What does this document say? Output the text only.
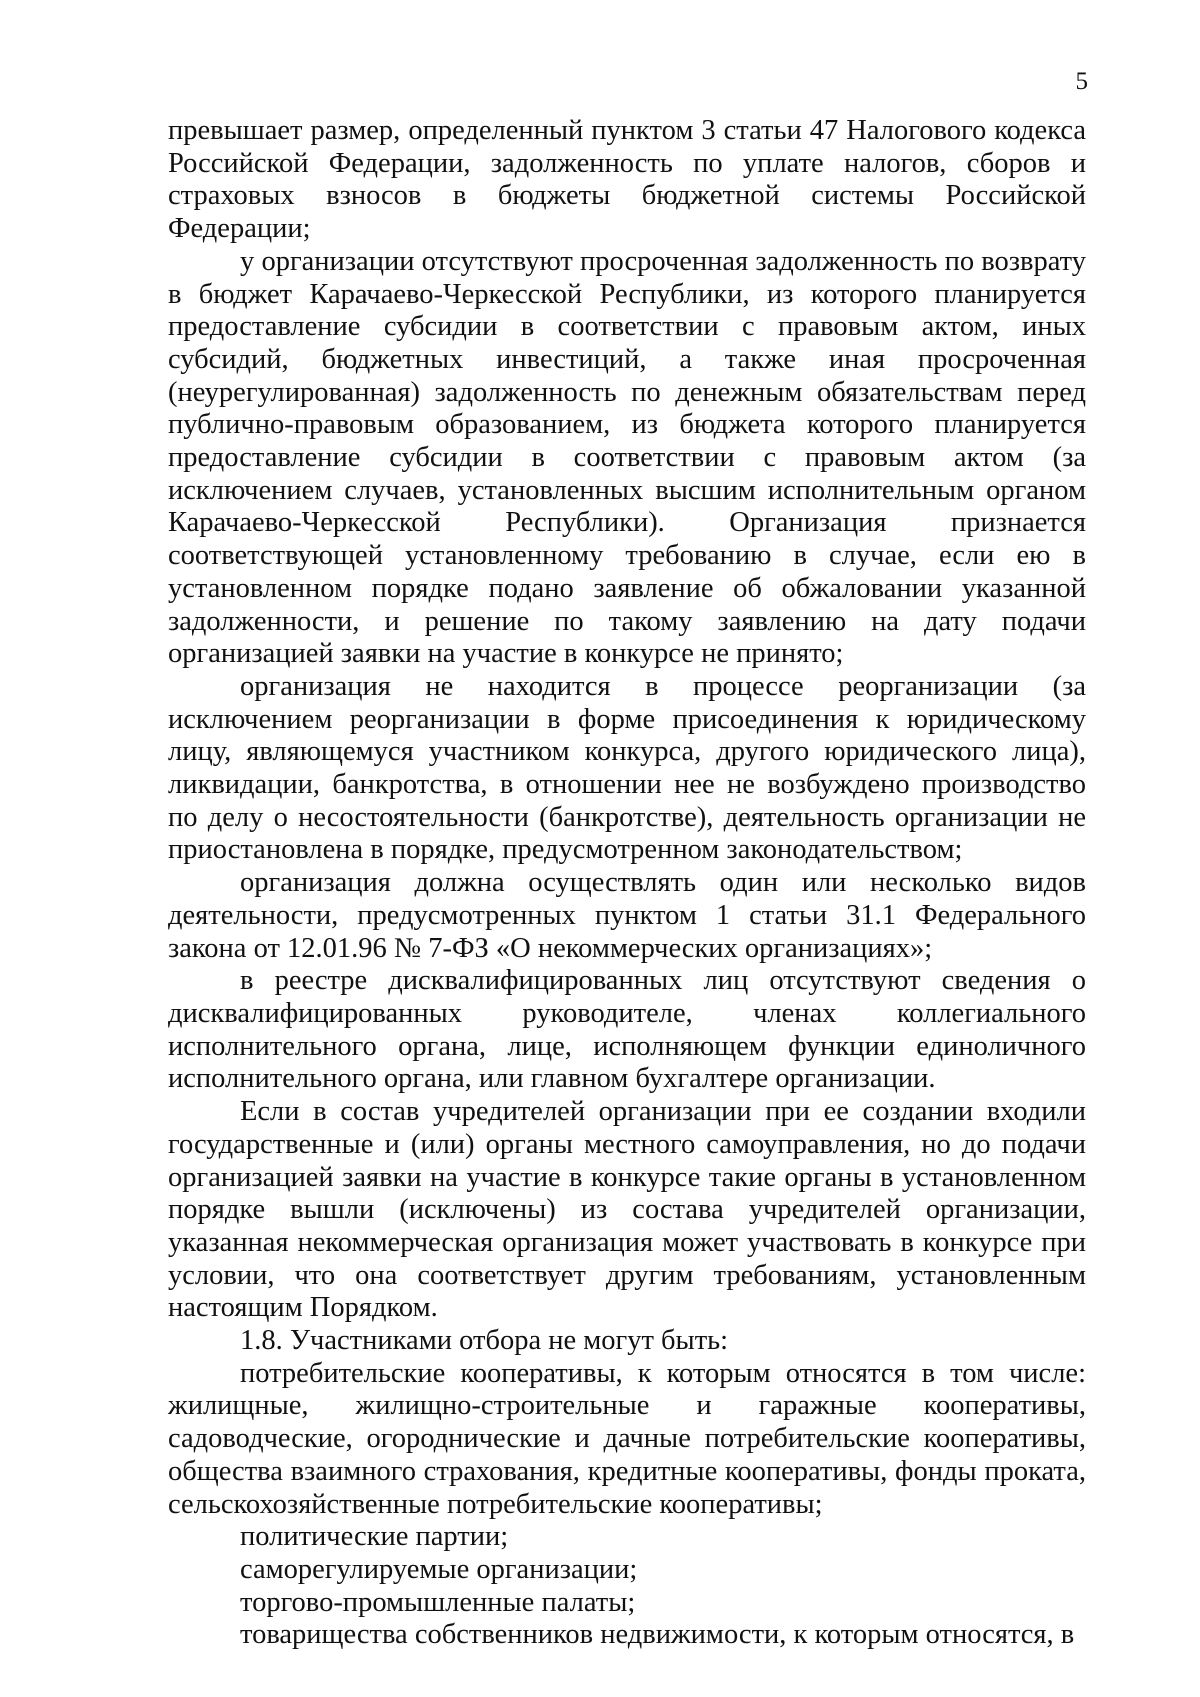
5

превышает размер, определенный пунктом 3 статьи 47 Налогового кодекса Российской Федерации, задолженность по уплате налогов, сборов и страховых взносов в бюджеты бюджетной системы Российской Федерации;

у организации отсутствуют просроченная задолженность по возврату в бюджет Карачаево-Черкесской Республики, из которого планируется предоставление субсидии в соответствии с правовым актом, иных субсидий, бюджетных инвестиций, а также иная просроченная (неурегулированная) задолженность по денежным обязательствам перед публично-правовым образованием, из бюджета которого планируется предоставление субсидии в соответствии с правовым актом (за исключением случаев, установленных высшим исполнительным органом Карачаево-Черкесской Республики). Организация признается соответствующей установленному требованию в случае, если ею в установленном порядке подано заявление об обжаловании указанной задолженности, и решение по такому заявлению на дату подачи организацией заявки на участие в конкурсе не принято;

организация не находится в процессе реорганизации (за исключением реорганизации в форме присоединения к юридическому лицу, являющемуся участником конкурса, другого юридического лица), ликвидации, банкротства, в отношении нее не возбуждено производство по делу о несостоятельности (банкротстве), деятельность организации не приостановлена в порядке, предусмотренном законодательством;

организация должна осуществлять один или несколько видов деятельности, предусмотренных пунктом 1 статьи 31.1 Федерального закона от 12.01.96 № 7-ФЗ «О некоммерческих организациях»;

в реестре дисквалифицированных лиц отсутствуют сведения о дисквалифицированных руководителе, членах коллегиального исполнительного органа, лице, исполняющем функции единоличного исполнительного органа, или главном бухгалтере организации.

Если в состав учредителей организации при ее создании входили государственные и (или) органы местного самоуправления, но до подачи организацией заявки на участие в конкурсе такие органы в установленном порядке вышли (исключены) из состава учредителей организации, указанная некоммерческая организация может участвовать в конкурсе при условии, что она соответствует другим требованиям, установленным настоящим Порядком.

1.8. Участниками отбора не могут быть:

потребительские кооперативы, к которым относятся в том числе: жилищные, жилищно-строительные и гаражные кооперативы, садоводческие, огороднические и дачные потребительские кооперативы, общества взаимного страхования, кредитные кооперативы, фонды проката, сельскохозяйственные потребительские кооперативы;

политические партии;

саморегулируемые организации;

торгово-промышленные палаты;

товарищества собственников недвижимости, к которым относятся, в
